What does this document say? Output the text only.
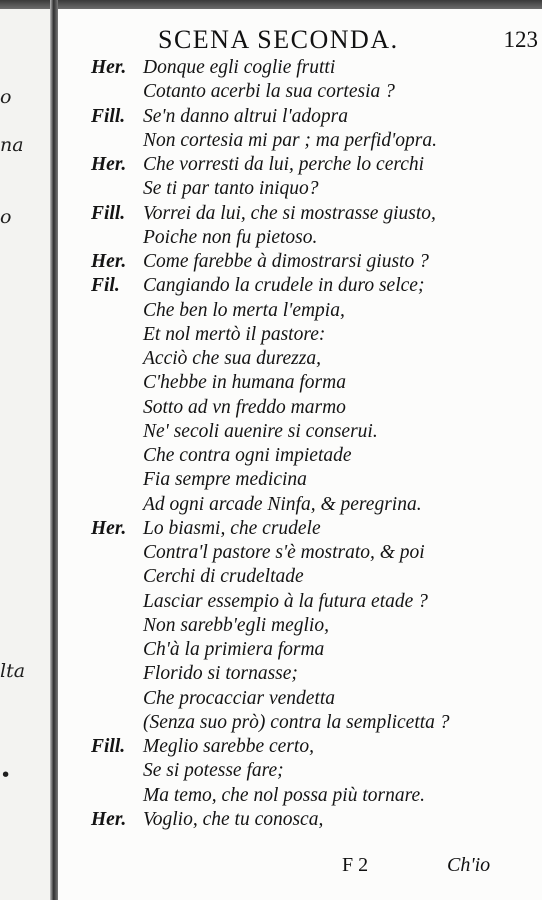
o
na
o
lta
•
SCENA SECONDA.	123
Her. Donque egli coglie frutti
Cotanto acerbi la sua cortesia ?
Fill. Se'n danno altrui l'adopra
Non cortesia mi par ; ma perfid'opra.
Her. Che vorresti da lui, perche lo cerchi
Se ti par tanto iniquo?
Fill. Vorrei da lui, che si mostrasse giusto,
Poiche non fu pietoso.
Her. Come farebbe à dimostrarsi giusto ?
Fil. Cangiando la crudele in duro selce;
Che ben lo merta l'empia,
Et nol mertò il pastore:
Acciò che sua durezza,
C'hebbe in humana forma
Sotto ad vn freddo marmo
Ne' secoli auenire si conserui.
Che contra ogni impietade
Fia sempre medicina
Ad ogni arcade Ninfa, & peregrina.
Her. Lo biasmi, che crudele
Contra'l pastore s'è mostrato, & poi
Cerchi di crudeltade
Lasciar essempio à la futura etade ?
Non sarebb'egli meglio,
Ch'à la primiera forma
Florido si tornasse;
Che procacciar vendetta
(Senza suo prò) contra la semplicetta ?
Fill. Meglio sarebbe certo,
Se si potesse fare;
Ma temo, che nol possa più tornare.
Her. Voglio, che tu conosca,
F 2	Ch'io
